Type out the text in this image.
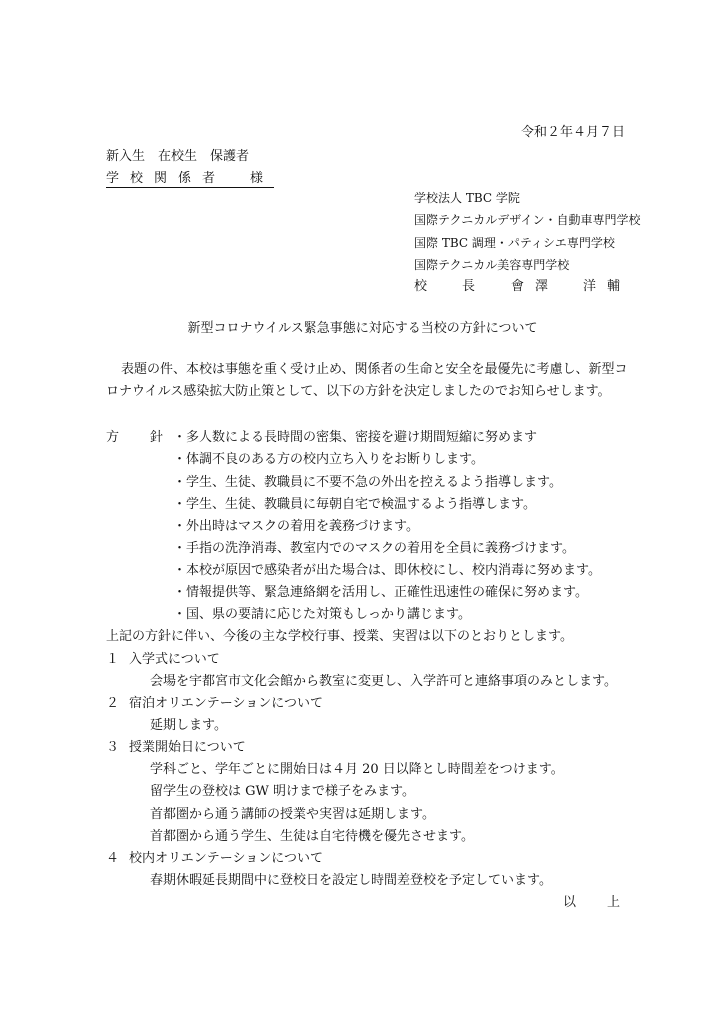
令和２年４月７日
新入生　在校生　保護者
学校関係者　様
学校法人 TBC 学院
国際テクニカルデザイン・自動車専門学校
国際 TBC 調理・パティシエ専門学校
国際テクニカル美容専門学校
校　長 會澤　洋輔
新型コロナウイルス緊急事態に対応する当校の方針について
表題の件、本校は事態を重く受け止め、関係者の生命と安全を最優先に考慮し、新型コ
ロナウイルス感染拡大防止策として、以下の方針を決定しましたのでお知らせします。
方　針 ・多人数による長時間の密集、密接を避け期間短縮に努めます
・体調不良のある方の校内立ち入りをお断りします。
・学生、生徒、教職員に不要不急の外出を控えるよう指導します。
・学生、生徒、教職員に毎朝自宅で検温するよう指導します。
・外出時はマスクの着用を義務づけます。
・手指の洗浄消毒、教室内でのマスクの着用を全員に義務づけます。
・本校が原因で感染者が出た場合は、即休校にし、校内消毒に努めます。
・情報提供等、緊急連絡網を活用し、正確性迅速性の確保に努めます。
・国、県の要請に応じた対策もしっかり講じます。
上記の方針に伴い、今後の主な学校行事、授業、実習は以下のとおりとします。
１ 入学式について
会場を宇都宮市文化会館から教室に変更し、入学許可と連絡事項のみとします。
２ 宿泊オリエンテーションについて
延期します。
３ 授業開始日について
学科ごと、学年ごとに開始日は４月 20 日以降とし時間差をつけます。
留学生の登校は GW 明けまで様子をみます。
首都圏から通う講師の授業や実習は延期します。
首都圏から通う学生、生徒は自宅待機を優先させます。
４ 校内オリエンテーションについて
春期休暇延長期間中に登校日を設定し時間差登校を予定しています。
以　上
